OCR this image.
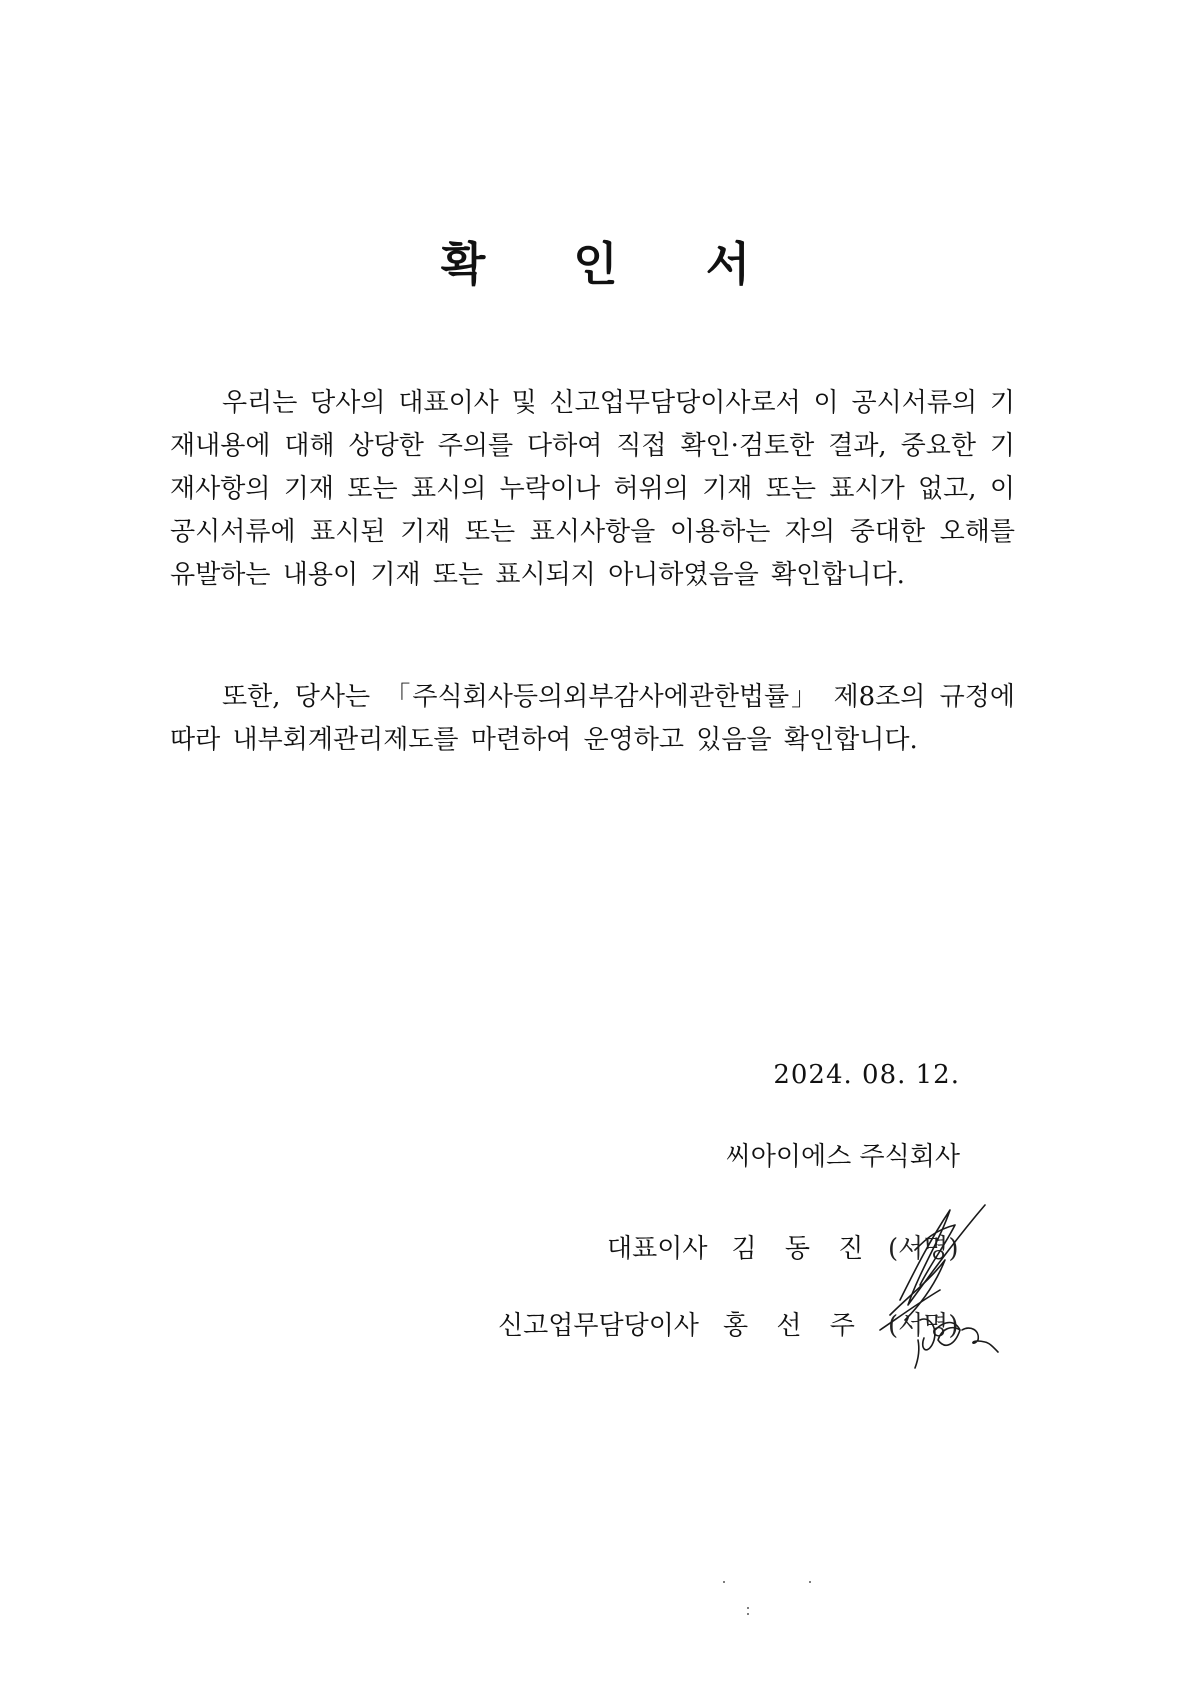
확 인 서

우리는 당사의 대표이사 및 신고업무담당이사로서 이 공시서류의 기재내용에 대해 상당한 주의를 다하여 직접 확인·검토한 결과, 중요한 기재사항의 기재 또는 표시의 누락이나 허위의 기재 또는 표시가 없고, 이 공시서류에 표시된 기재 또는 표시사항을 이용하는 자의 중대한 오해를 유발하는 내용이 기재 또는 표시되지 아니하였음을 확인합니다.

또한, 당사는 「주식회사등의외부감사에관한법률」 제8조의 규정에 따라 내부회계관리제도를 마련하여 운영하고 있음을 확인합니다.

2024. 08. 12.

씨아이에스 주식회사

대표이사 김 동 진 (서명)

신고업무담당이사 홍 선 주 (서명)
